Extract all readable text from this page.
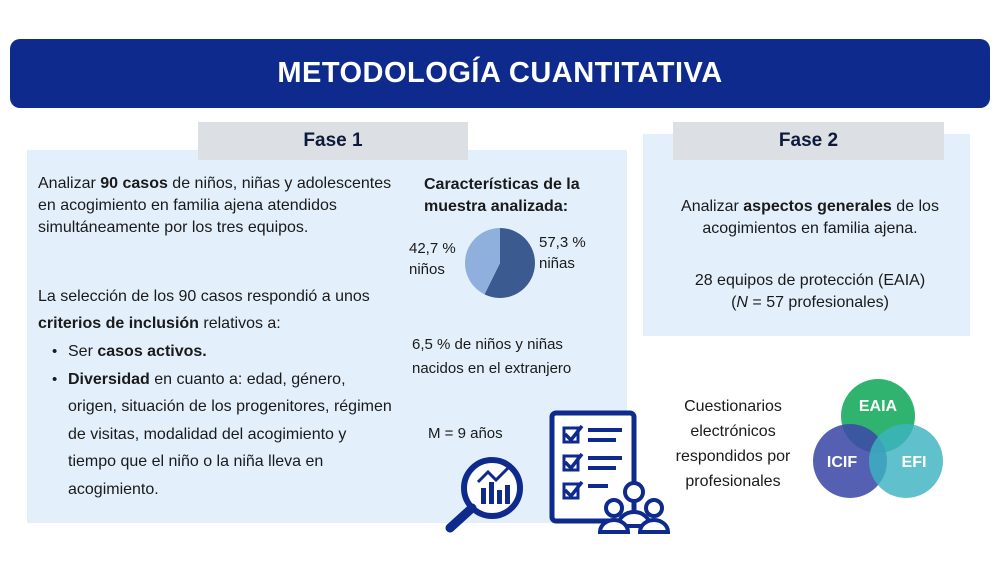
METODOLOGÍA CUANTITATIVA
Fase 1	Fase 2
Analizar 90 casos de niños, niñas y adolescentes en acogimiento en familia ajena atendidos simultáneamente por los tres equipos.
La selección de los 90 casos respondió a unos criterios de inclusión relativos a:
• Ser casos activos.
• Diversidad en cuanto a: edad, género, origen, situación de los progenitores, régimen de visitas, modalidad del acogimiento y tiempo que el niño o la niña lleva en acogimiento.
Características de la muestra analizada:
42,7 %
niños
57,3 %
niñas
6,5 % de niños y niñas nacidos en el extranjero
M = 9 años
Analizar aspectos generales de los acogimientos en familia ajena.
28 equipos de protección (EAIA)
(N = 57 profesionales)
Cuestionarios electrónicos respondidos por profesionales
EAIA
ICIF	EFI
